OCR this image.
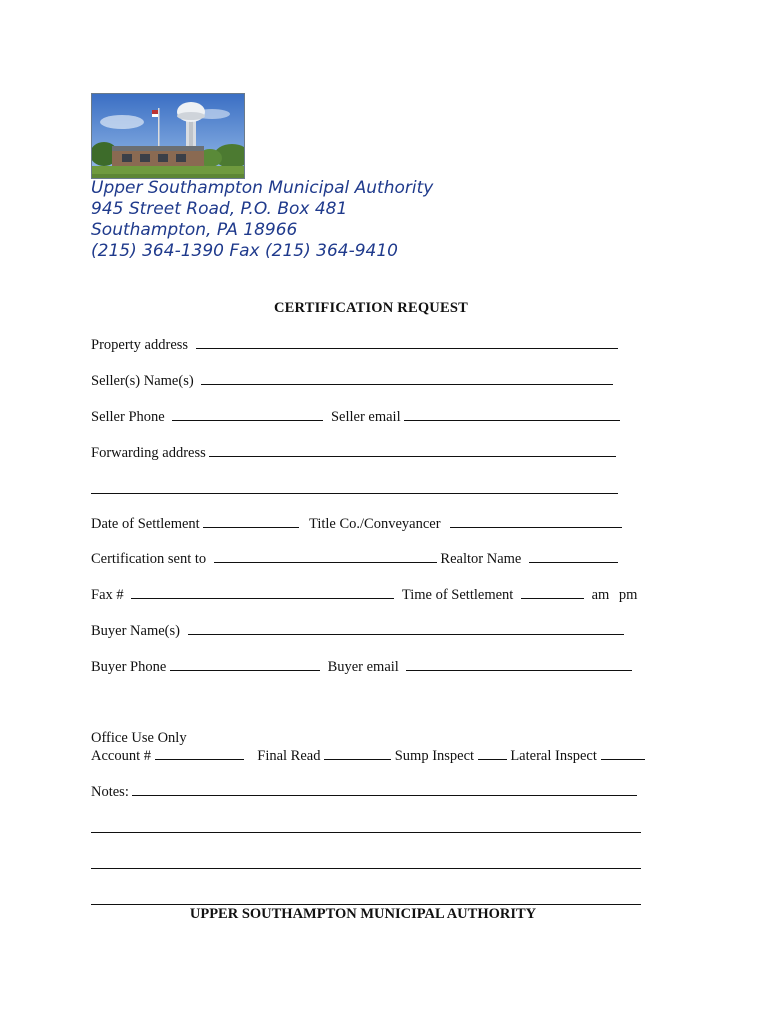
Upper Southampton Municipal Authority
945 Street Road, P.O. Box 481
Southampton, PA 18966
(215) 364-1390 Fax (215) 364-9410
CERTIFICATION REQUEST
Property address
Seller(s) Name(s)
Seller Phone	Seller email
Forwarding address
Date of Settlement	Title Co./Conveyancer
Certification sent to	Realtor Name
Fax #	Time of Settlement	am pm
Buyer Name(s)
Buyer Phone	Buyer email
Office Use Only
Account #	Final Read	Sump Inspect	Lateral Inspect
Notes:
UPPER SOUTHAMPTON MUNICIPAL AUTHORITY
